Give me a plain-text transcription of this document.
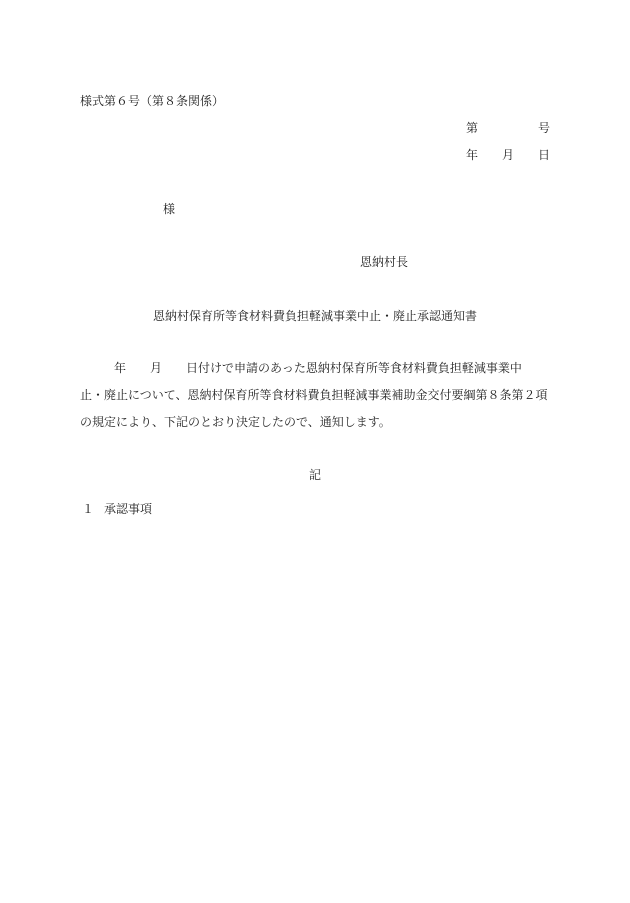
様式第６号（第８条関係）

第	号
年 月 日

様

恩納村長

恩納村保育所等食材料費負担軽減事業中止・廃止承認通知書

年 月 日付けで申請のあった恩納村保育所等食材料費負担軽減事業中

止・廃止について、恩納村保育所等食材料費負担軽減事業補助金交付要綱第８条第２項

の規定により、下記のとおり決定したので、通知します。

記

１ 承認事項
